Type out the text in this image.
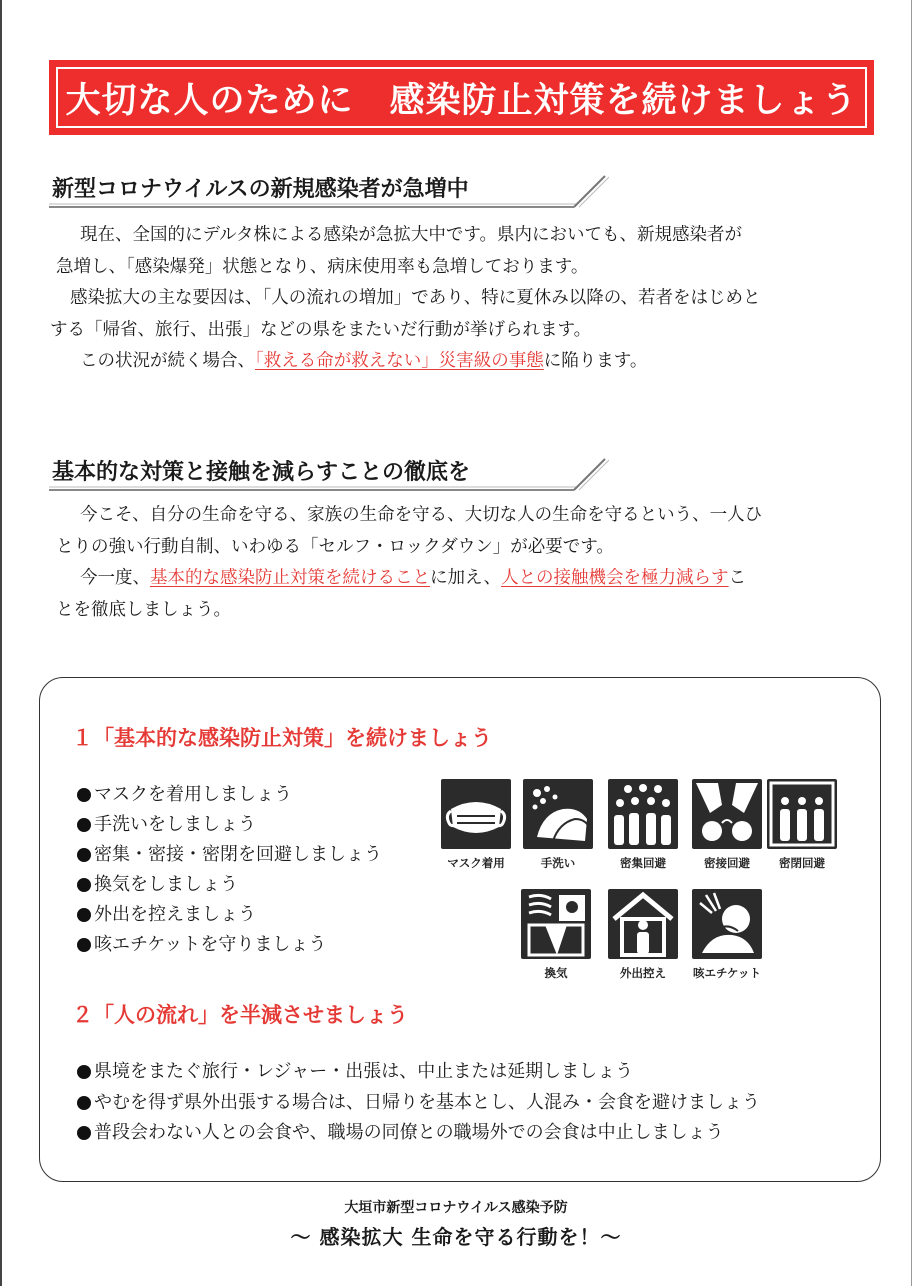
大切な人のために　感染防止対策を続けましょう
新型コロナウイルスの新規感染者が急増中
現在、全国的にデルタ株による感染が急拡大中です。県内においても、新規感染者が
急増し、「感染爆発」状態となり、病床使用率も急増しております。
感染拡大の主な要因は、「人の流れの増加」であり、特に夏休み以降の、若者をはじめと
する「帰省、旅行、出張」などの県をまたいだ行動が挙げられます。
この状況が続く場合、「救える命が救えない」災害級の事態に陥ります。
基本的な対策と接触を減らすことの徹底を
今こそ、自分の生命を守る、家族の生命を守る、大切な人の生命を守るという、一人ひ
とりの強い行動自制、いわゆる「セルフ・ロックダウン」が必要です。
今一度、基本的な感染防止対策を続けることに加え、人との接触機会を極力減らすこ
とを徹底しましょう。
１「基本的な感染防止対策」を続けましょう
マスクを着用しましょう
手洗いをしましょう
密集・密接・密閉を回避しましょう
換気をしましょう
外出を控えましょう
咳エチケットを守りましょう
マスク着用	手洗い	密集回避	密接回避	密閉回避
換気	外出控え	咳エチケット
２「人の流れ」を半減させましょう
県境をまたぐ旅行・レジャー・出張は、中止または延期しましょう
やむを得ず県外出張する場合は、日帰りを基本とし、人混み・会食を避けましょう
普段会わない人との会食や、職場の同僚との職場外での会食は中止しましょう
大垣市新型コロナウイルス感染予防
～ 感染拡大 生命を守る行動を！～
